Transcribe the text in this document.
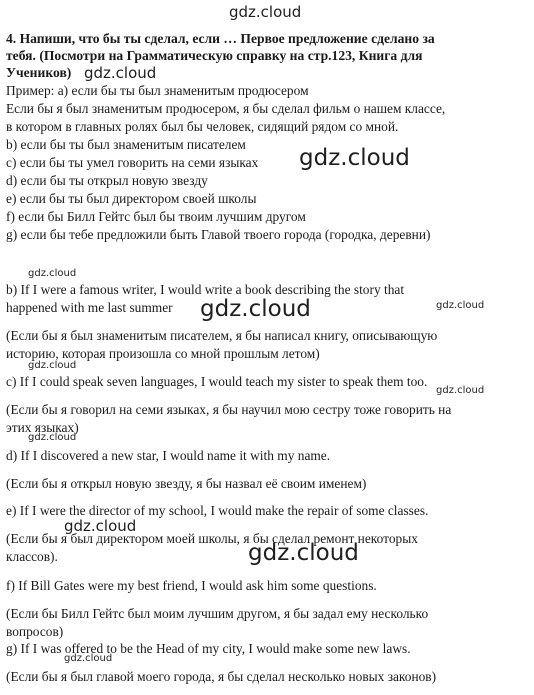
4. Напиши, что бы ты сделал, если … Первое предложение сделано за
тебя. (Посмотри на Грамматическую справку на стр.123, Книга для
Учеников)
Пример: а) если бы ты был знаменитым продюсером
Если бы я был знаменитым продюсером, я бы сделал фильм о нашем классе,
в котором в главных ролях был бы человек, сидящий рядом со мной.
b) если бы ты был знаменитым писателем
c) если бы ты умел говорить на семи языках
d) если бы ты открыл новую звезду
e) если бы ты был директором своей школы
f) если бы Билл Гейтс был бы твоим лучшим другом
g) если бы тебе предложили быть Главой твоего города (городка, деревни)
b) If I were a famous writer, I would write a book describing the story that
happened with me last summer
(Если бы я был знаменитым писателем, я бы написал книгу, описывающую
историю, которая произошла со мной прошлым летом)
c) If I could speak seven languages, I would teach my sister to speak them too.
(Если бы я говорил на семи языках, я бы научил мою сестру тоже говорить на
этих языках)
d) If I discovered a new star, I would name it with my name.
(Если бы я открыл новую звезду, я бы назвал её своим именем)
e) If I were the director of my school, I would make the repair of some classes.
(Если бы я был директором моей школы, я бы сделал ремонт некоторых
классов).
f) If Bill Gates were my best friend, I would ask him some questions.
(Если бы Билл Гейтс был моим лучшим другом, я бы задал ему несколько
вопросов)
g) If I was offered to be the Head of my city, I would make some new laws.
(Если бы я был главой моего города, я бы сделал несколько новых законов)
gdz.cloud
gdz.cloud
gdz.cloud
gdz.cloud
gdz.cloud	gdz.cloud
gdz.cloud
gdz.cloud
gdz.cloud
gdz.cloud
gdz.cloud
gdz.cloud
